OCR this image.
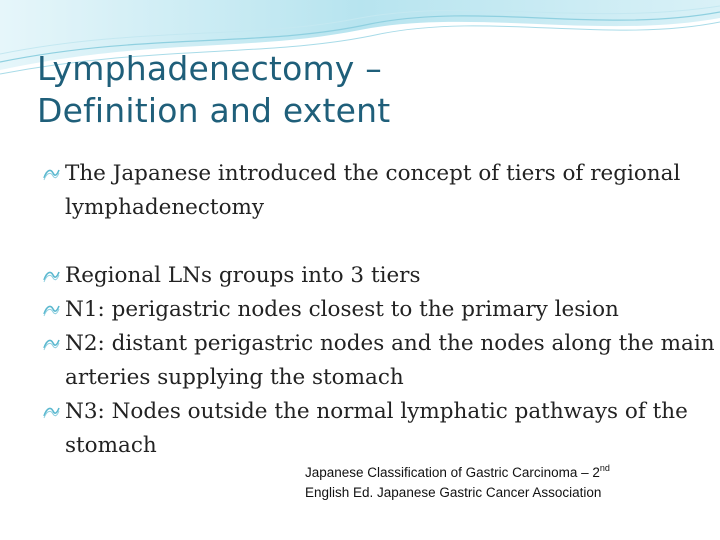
Lymphadenectomy –
Definition and extent
The Japanese introduced the concept of tiers of regional
lymphadenectomy
Regional LNs groups into 3 tiers
N1: perigastric nodes closest to the primary lesion
N2: distant perigastric nodes and the nodes along the main
arteries supplying the stomach
N3: Nodes outside the normal lymphatic pathways of the
stomach
Japanese Classification of Gastric Carcinoma – 2nd
English Ed. Japanese Gastric Cancer Association
